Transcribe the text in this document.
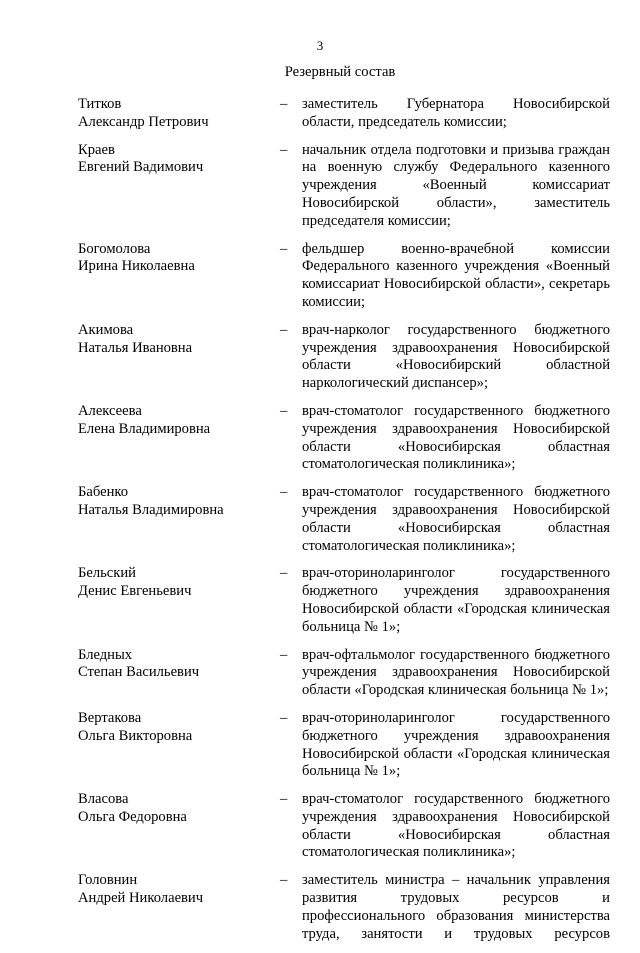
3
Резервный состав
Титков
Александр Петрович
– заместитель Губернатора Новосибирской области, председатель комиссии;
Краев
Евгений Вадимович
– начальник отдела подготовки и призыва граждан на военную службу Федерального казенного учреждения «Военный комиссариат Новосибирской области», заместитель председателя комиссии;
Богомолова
Ирина Николаевна
– фельдшер военно-врачебной комиссии Федерального казенного учреждения «Военный комиссариат Новосибирской области», секретарь комиссии;
Акимова
Наталья Ивановна
– врач-нарколог государственного бюджетного учреждения здравоохранения Новосибирской области «Новосибирский областной наркологический диспансер»;
Алексеева
Елена Владимировна
– врач-стоматолог государственного бюджетного учреждения здравоохранения Новосибирской области «Новосибирская областная стоматологическая поликлиника»;
Бабенко
Наталья Владимировна
– врач-стоматолог государственного бюджетного учреждения здравоохранения Новосибирской области «Новосибирская областная стоматологическая поликлиника»;
Бельский
Денис Евгеньевич
– врач-оториноларинголог государственного бюджетного учреждения здравоохранения Новосибирской области «Городская клиническая больница № 1»;
Бледных
Степан Васильевич
– врач-офтальмолог государственного бюджетного учреждения здравоохранения Новосибирской области «Городская клиническая больница № 1»;
Вертакова
Ольга Викторовна
– врач-оториноларинголог государственного бюджетного учреждения здравоохранения Новосибирской области «Городская клиническая больница № 1»;
Власова
Ольга Федоровна
– врач-стоматолог государственного бюджетного учреждения здравоохранения Новосибирской области «Новосибирская областная стоматологическая поликлиника»;
Головнин
Андрей Николаевич
– заместитель министра – начальник управления развития трудовых ресурсов и профессионального образования министерства труда, занятости и трудовых ресурсов
